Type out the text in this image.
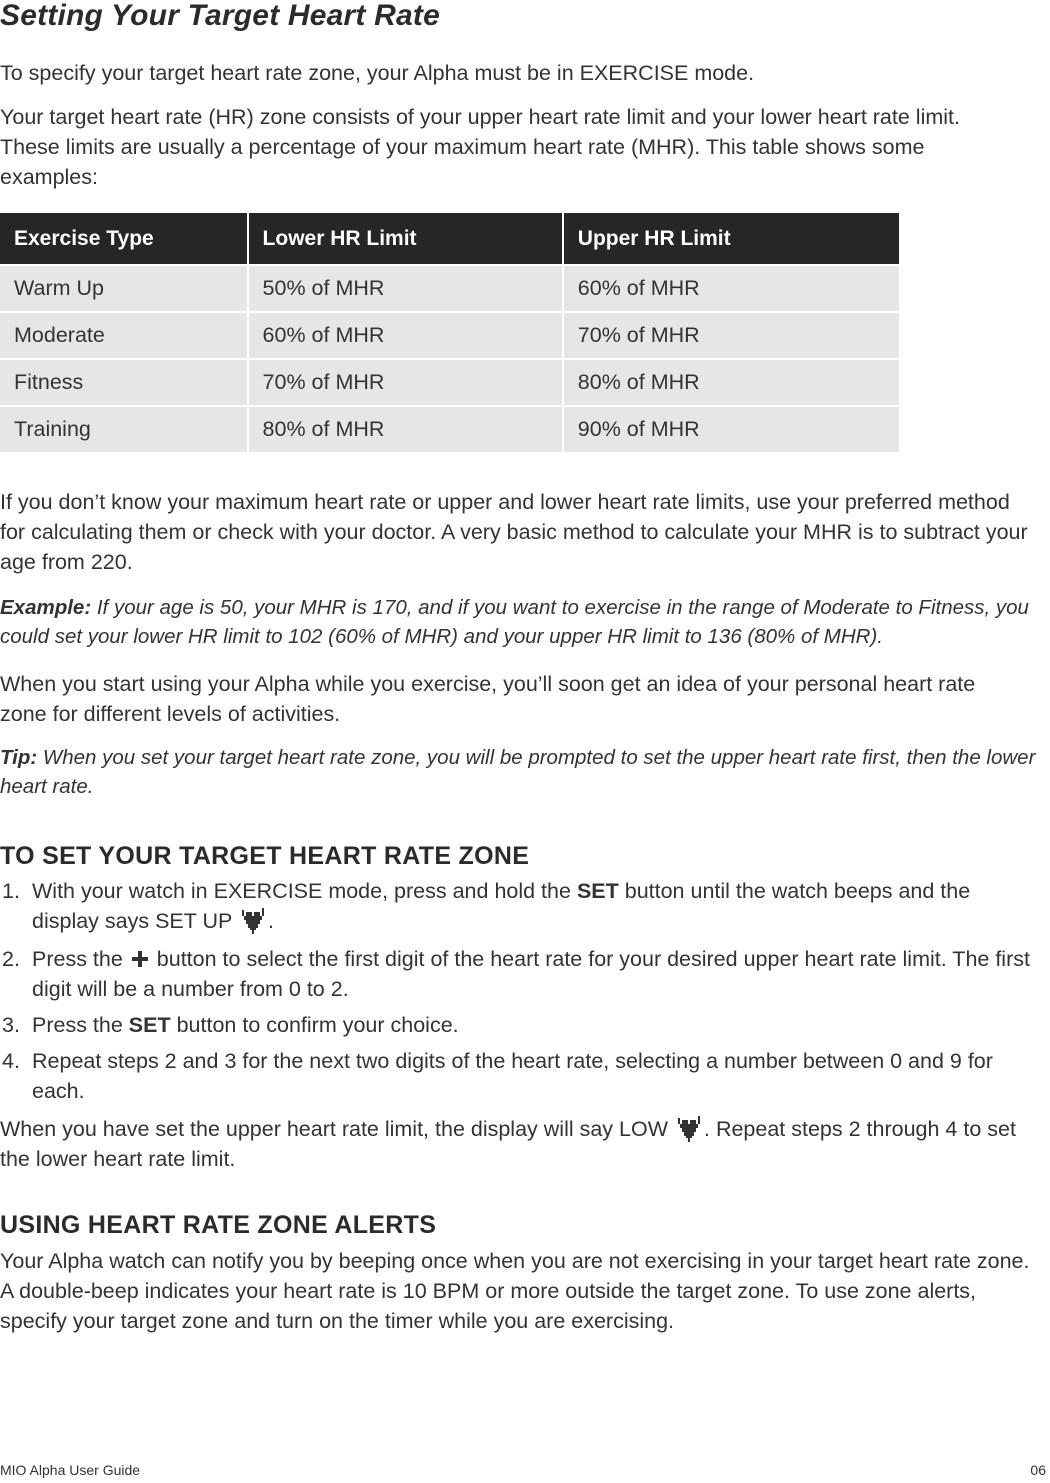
Setting Your Target Heart Rate

To specify your target heart rate zone, your Alpha must be in EXERCISE mode.

Your target heart rate (HR) zone consists of your upper heart rate limit and your lower heart rate limit. These limits are usually a percentage of your maximum heart rate (MHR). This table shows some examples:

Exercise Type	Lower HR Limit	Upper HR Limit
Warm Up	50% of MHR	60% of MHR
Moderate	60% of MHR	70% of MHR
Fitness	70% of MHR	80% of MHR
Training	80% of MHR	90% of MHR

If you don’t know your maximum heart rate or upper and lower heart rate limits, use your preferred method for calculating them or check with your doctor. A very basic method to calculate your MHR is to subtract your age from 220.

Example: If your age is 50, your MHR is 170, and if you want to exercise in the range of Moderate to Fitness, you could set your lower HR limit to 102 (60% of MHR) and your upper HR limit to 136 (80% of MHR).

When you start using your Alpha while you exercise, you’ll soon get an idea of your personal heart rate zone for different levels of activities.

Tip: When you set your target heart rate zone, you will be prompted to set the upper heart rate first, then the lower heart rate.

TO SET YOUR TARGET HEART RATE ZONE
1. With your watch in EXERCISE mode, press and hold the SET button until the watch beeps and the display says SET UP .
2. Press the  button to select the first digit of the heart rate for your desired upper heart rate limit. The first digit will be a number from 0 to 2.
3. Press the SET button to confirm your choice.
4. Repeat steps 2 and 3 for the next two digits of the heart rate, selecting a number between 0 and 9 for each.

When you have set the upper heart rate limit, the display will say LOW . Repeat steps 2 through 4 to set the lower heart rate limit.

USING HEART RATE ZONE ALERTS

Your Alpha watch can notify you by beeping once when you are not exercising in your target heart rate zone. A double-beep indicates your heart rate is 10 BPM or more outside the target zone. To use zone alerts, specify your target zone and turn on the timer while you are exercising.

MIO Alpha User Guide	06
